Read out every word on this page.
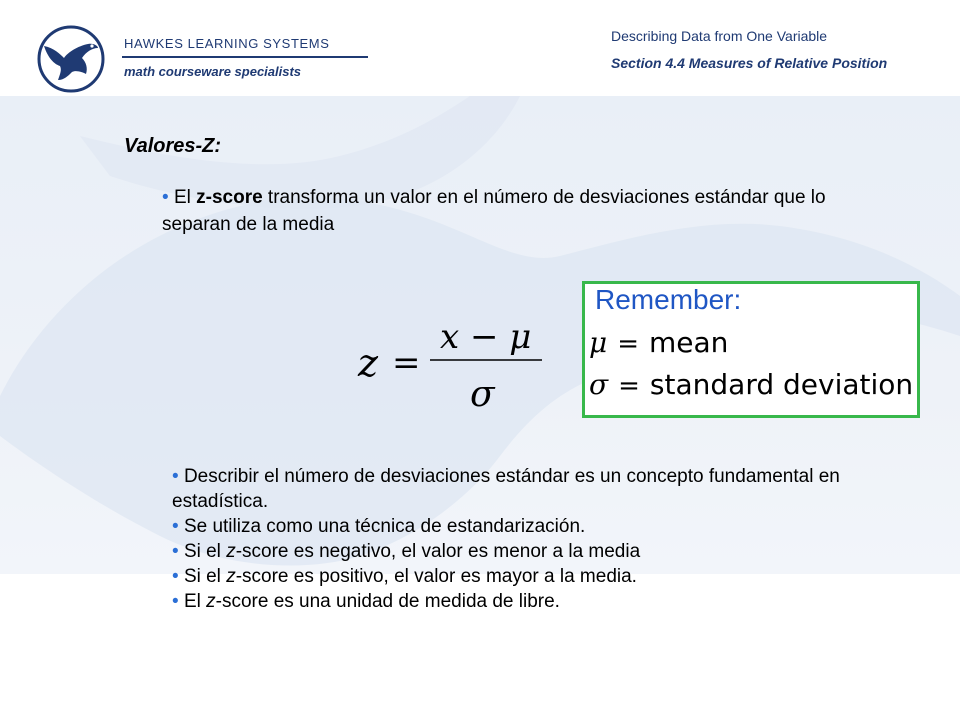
HAWKES LEARNING SYSTEMS
math courseware specialists
Describing Data from One Variable
Section 4.4 Measures of Relative Position
Valores-Z:
• El z-score transforma un valor en el número de desviaciones estándar que lo separan de la media
z =
x − μ
σ
Remember:
μ = mean
σ = standard deviation
• Describir el número de desviaciones estándar es un concepto fundamental en estadística.
• Se utiliza como una técnica de estandarización.
• Si el z-score es negativo, el valor es menor a la media
• Si el z-score es positivo, el valor es mayor a la media.
• El z-score es una unidad de medida de libre.
